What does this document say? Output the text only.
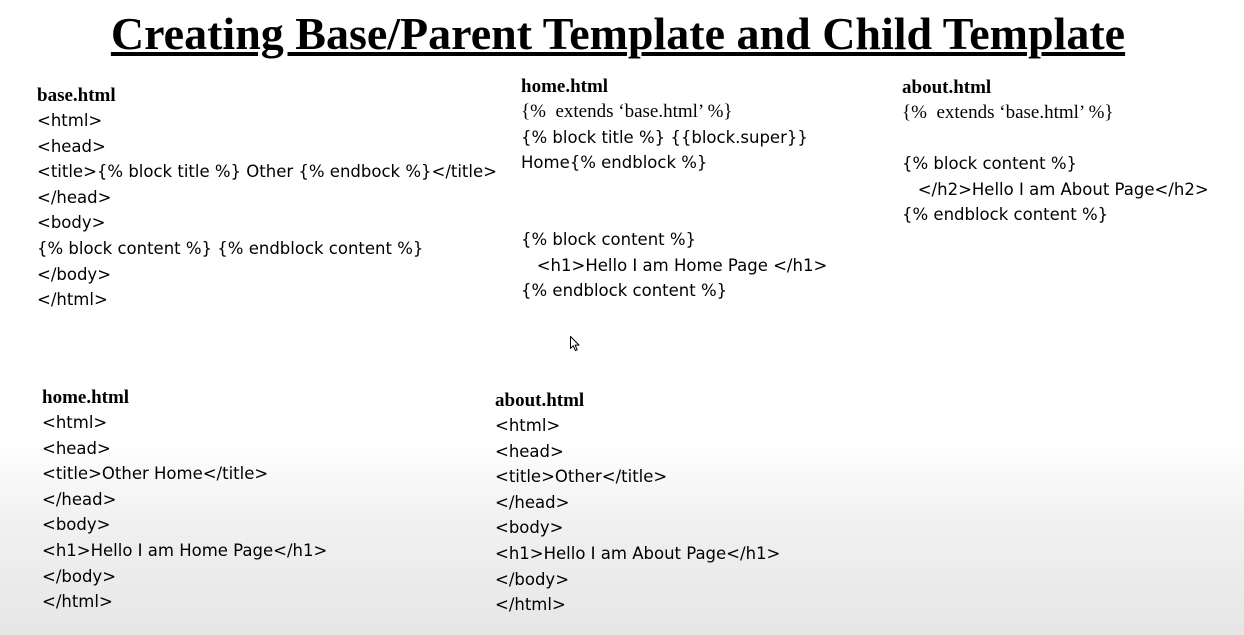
Creating Base/Parent Template and Child Template
base.html
<html>
<head>
<title>{% block title %} Other {% endbock %}</title>
</head>
<body>
{% block content %} {% endblock content %}
</body>
</html>
home.html
{%  extends ‘base.html’ %}
{% block title %} {{block.super}}
Home{% endblock %}
{% block content %}
<h1>Hello I am Home Page </h1>
{% endblock content %}
about.html
{%  extends ‘base.html’ %}
{% block content %}
</h2>Hello I am About Page</h2>
{% endblock content %}
home.html
<html>
<head>
<title>Other Home</title>
</head>
<body>
<h1>Hello I am Home Page</h1>
</body>
</html>
about.html
<html>
<head>
<title>Other</title>
</head>
<body>
<h1>Hello I am About Page</h1>
</body>
</html>
